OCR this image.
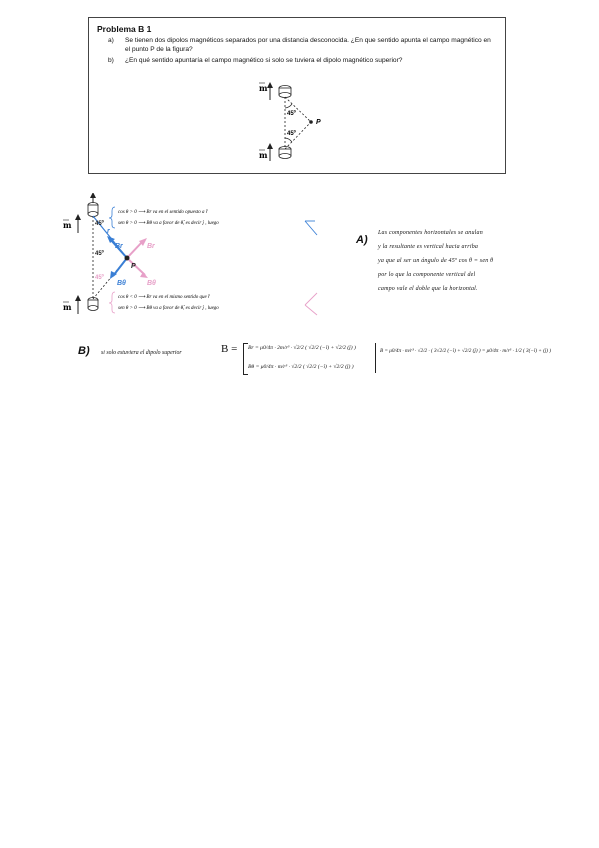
Problema B 1
a) Se tienen dos dipolos magnéticos separados por una distancia desconocida. ¿En que sentido apunta el campo magnético en el punto P de la figura?
b) ¿En qué sentido apuntaría el campo magnético si solo se tuviera el dipolo magnético superior?
m
m
45º
45º
P
m
m
45º
45º
45º
P
r
Br
Bθ
Br
Bθ
cos θ > 0 ⟶ Br va en el sentido opuesto a r̂
sen θ > 0 ⟶ Bθ va a favor de θ̂, es decir ĵ , luego
cos θ < 0 ⟶ Br va en el mismo sentido que r̂
sen θ > 0 ⟶ Bθ va a favor de θ̂, es decir ĵ , luego
A)
Las componentes horizontales se anulan
y la resultante es vertical hacia arriba
ya que al ser un ángulo de 45º cos θ = sen θ
por lo que la componente vertical del
campo vale el doble que la horizontal.
B) si solo estuviera el dipolo superior	B = Br = μ0/4π · 2m/r³ · √2/2 ( √2/2 (−î) + √2/2 (ĵ) )
Bθ = μ0/4π · m/r³ · √2/2 ( √2/2 (−î) + √2/2 (ĵ) )
B = μ0/4π · m/r³ · √2/2 · ( 3√2/2 (−î) + √2/2 (ĵ) ) = μ0/4π · m/r³ · 1/2 ( 3(−î) + (ĵ) )
